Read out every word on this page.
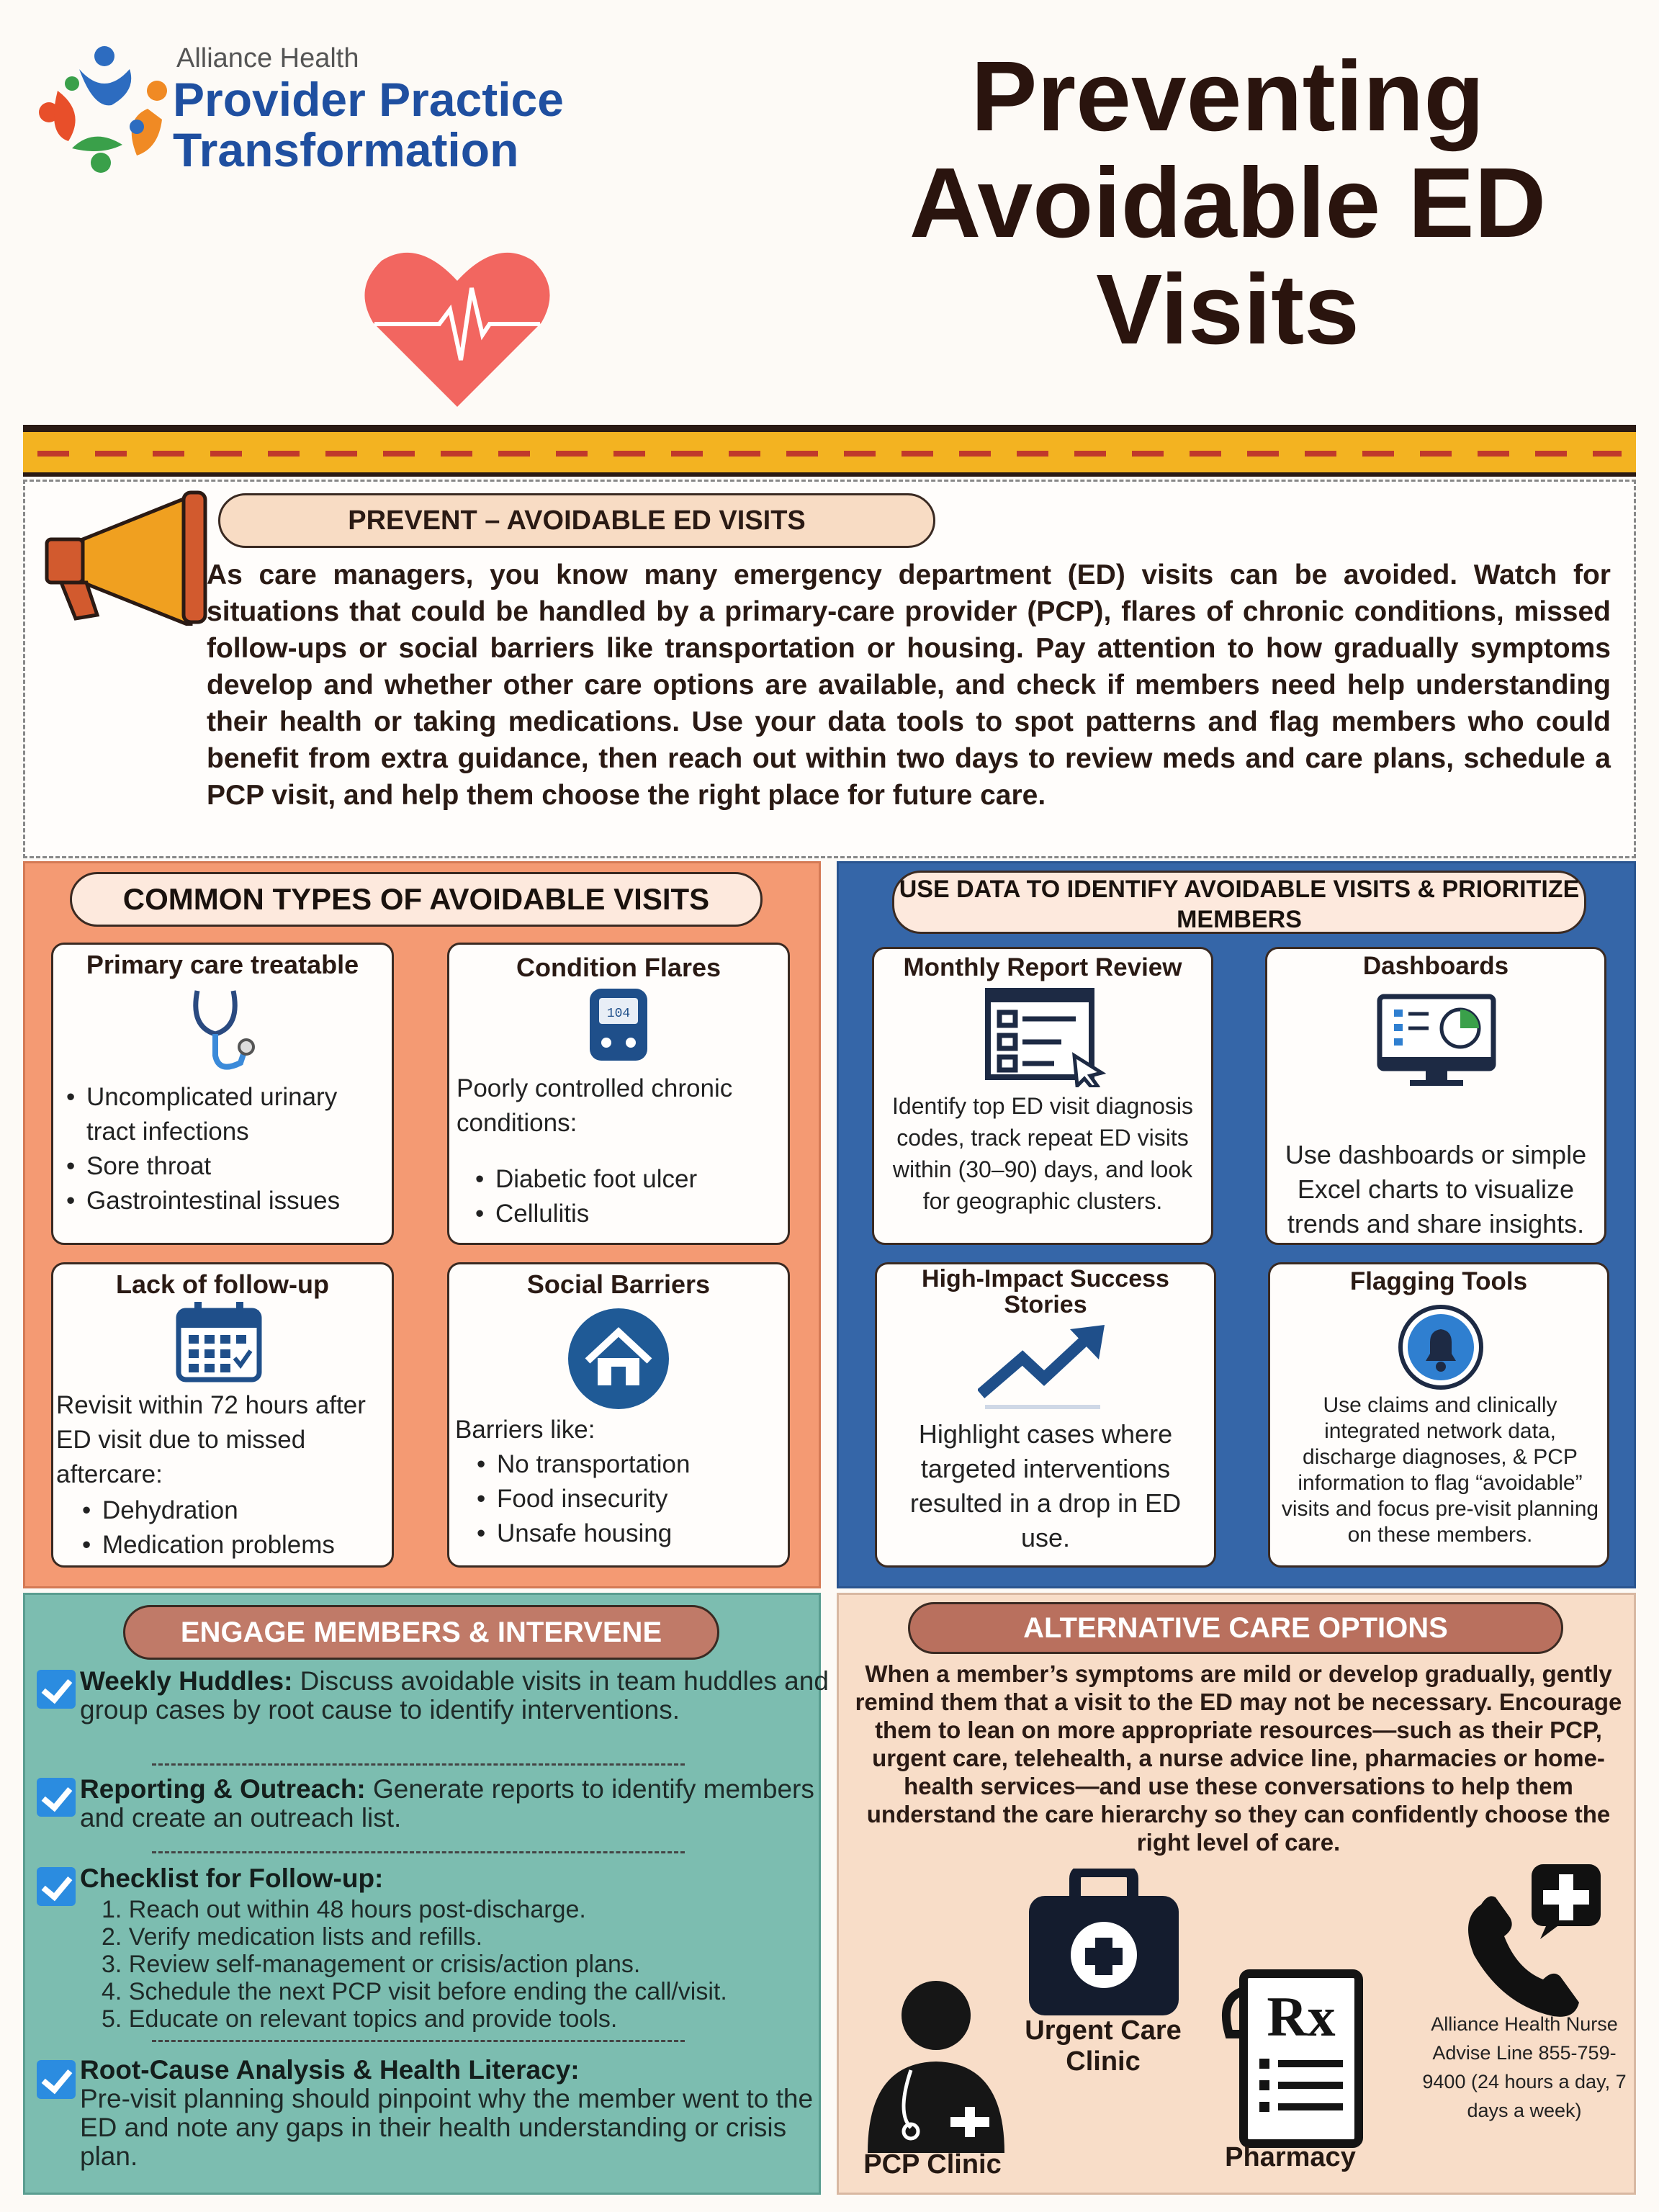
Alliance Health
Provider Practice
Transformation	Preventing Avoidable ED Visits
PREVENT – AVOIDABLE ED VISITS
As care managers, you know many emergency department (ED) visits can be avoided. Watch for situations that could be handled by a primary-care provider (PCP), flares of chronic conditions, missed follow-ups or social barriers like transportation or housing. Pay attention to how gradually symptoms develop and whether other care options are available, and check if members need help understanding their health or taking medications. Use your data tools to spot patterns and flag members who could benefit from extra guidance, then reach out within two days to review meds and care plans, schedule a PCP visit, and help them choose the right place for future care.
COMMON TYPES OF AVOIDABLE VISITS
Primary care treatable
• Uncomplicated urinary tract infections
• Sore throat
• Gastrointestinal issues
Condition Flares
104
Poorly controlled chronic conditions:
• Diabetic foot ulcer
• Cellulitis
Lack of follow-up
Revisit within 72 hours after ED visit due to missed aftercare:
• Dehydration
• Medication problems
Social Barriers
Barriers like:
• No transportation
• Food insecurity
• Unsafe housing
USE DATA TO IDENTIFY AVOIDABLE VISITS & PRIORITIZE MEMBERS
Monthly Report Review
Identify top ED visit diagnosis codes, track repeat ED visits within (30–90) days, and look for geographic clusters.
Dashboards
Use dashboards or simple Excel charts to visualize trends and share insights.
High-Impact Success Stories
Highlight cases where targeted interventions resulted in a drop in ED use.
Flagging Tools
Use claims and clinically integrated network data, discharge diagnoses, & PCP information to flag “avoidable” visits and focus pre-visit planning on these members.
ENGAGE MEMBERS & INTERVENE
Weekly Huddles: Discuss avoidable visits in team huddles and group cases by root cause to identify interventions.
Reporting & Outreach: Generate reports to identify members and create an outreach list.
Checklist for Follow-up:
1. Reach out within 48 hours post-discharge.
2. Verify medication lists and refills.
3. Review self-management or crisis/action plans.
4. Schedule the next PCP visit before ending the call/visit.
5. Educate on relevant topics and provide tools.
Root-Cause Analysis & Health Literacy:
Pre-visit planning should pinpoint why the member went to the ED and note any gaps in their health understanding or crisis plan.
ALTERNATIVE CARE OPTIONS
When a member’s symptoms are mild or develop gradually, gently remind them that a visit to the ED may not be necessary. Encourage them to lean on more appropriate resources—such as their PCP, urgent care, telehealth, a nurse advice line, pharmacies or home-health services—and use these conversations to help them understand the care hierarchy so they can confidently choose the right level of care.
PCP Clinic
Urgent Care Clinic
Rx
Pharmacy
Alliance Health Nurse Advise Line 855-759-9400 (24 hours a day, 7 days a week)
